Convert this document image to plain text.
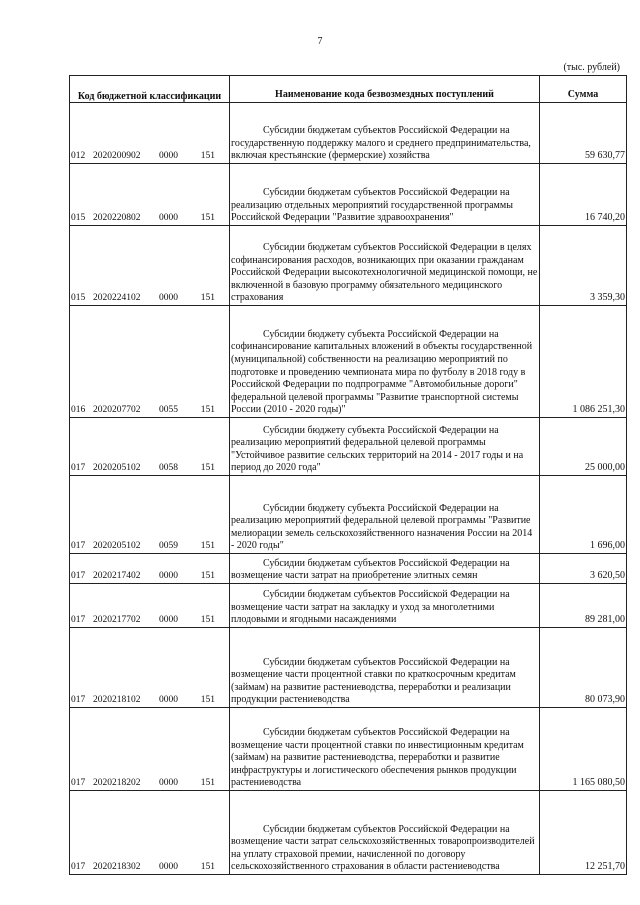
7
(тыс. рублей)
Код бюджетной классификации	Наименование кода безвозмездных поступлений	Сумма
012 2020200902 0000 151	Субсидии бюджетам субъектов Российской Федерации на государственную поддержку малого и среднего предпринимательства, включая крестьянские (фермерские) хозяйства	59 630,77
015 2020220802 0000 151	Субсидии бюджетам субъектов Российской Федерации на реализацию отдельных мероприятий государственной программы Российской Федерации "Развитие здравоохранения"	16 740,20
015 2020224102 0000 151	Субсидии бюджетам субъектов Российской Федерации в целях софинансирования расходов, возникающих при оказании гражданам Российской Федерации высокотехнологичной медицинской помощи, не включенной в базовую программу обязательного медицинского страхования	3 359,30
016 2020207702 0055 151	Субсидии бюджету субъекта Российской Федерации на софинансирование капитальных вложений в объекты государственной (муниципальной) собственности на реализацию мероприятий по подготовке и проведению чемпионата мира по футболу в 2018 году в Российской Федерации по подпрограмме "Автомобильные дороги" федеральной целевой программы "Развитие транспортной системы России (2010 - 2020 годы)"	1 086 251,30
017 2020205102 0058 151	Субсидии бюджету субъекта Российской Федерации на реализацию мероприятий федеральной целевой программы "Устойчивое развитие сельских территорий на 2014 - 2017 годы и на период до 2020 года"	25 000,00
017 2020205102 0059 151	Субсидии бюджету субъекта Российской Федерации на реализацию мероприятий федеральной целевой программы "Развитие мелиорации земель сельскохозяйственного назначения России на 2014 - 2020 годы"	1 696,00
017 2020217402 0000 151	Субсидии бюджетам субъектов Российской Федерации на возмещение части затрат на приобретение элитных семян	3 620,50
017 2020217702 0000 151	Субсидии бюджетам субъектов Российской Федерации на возмещение части затрат на закладку и уход за многолетними плодовыми и ягодными насаждениями	89 281,00
017 2020218102 0000 151	Субсидии бюджетам субъектов Российской Федерации на возмещение части процентной ставки по краткосрочным кредитам (займам) на развитие растениеводства, переработки и реализации продукции растениеводства	80 073,90
017 2020218202 0000 151	Субсидии бюджетам субъектов Российской Федерации на возмещение части процентной ставки по инвестиционным кредитам (займам) на развитие растениеводства, переработки и развитие инфраструктуры и логистического обеспечения рынков продукции растениеводства	1 165 080,50
017 2020218302 0000 151	Субсидии бюджетам субъектов Российской Федерации на возмещение части затрат сельскохозяйственных товаропроизводителей на уплату страховой премии, начисленной по договору сельскохозяйственного страхования в области растениеводства	12 251,70
